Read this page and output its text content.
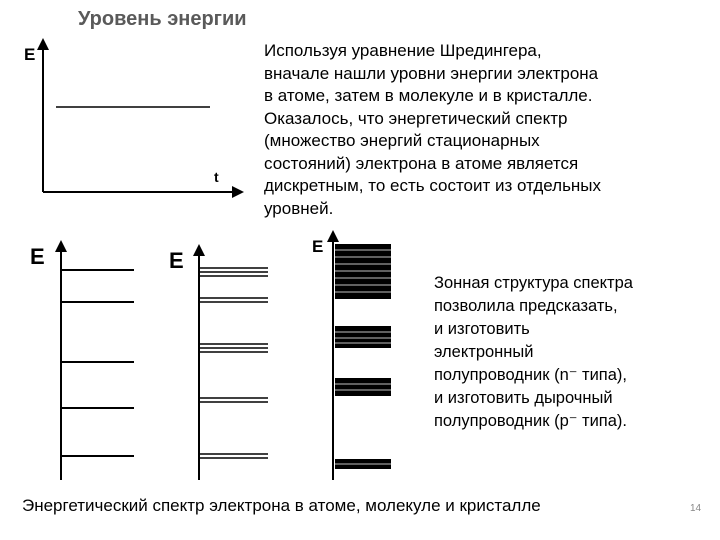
Уровень энергии
Используя уравнение Шредингера,
вначале нашли уровни энергии электрона
в атоме, затем в молекуле и в кристалле.
Оказалось, что энергетический спектр
(множество энергий стационарных
состояний) электрона в атоме является
дискретным, то есть состоит из отдельных
уровней.
Зонная структура спектра
позволила предсказать,
и изготовить
электронный
полупроводник (n⁻ типа),
и изготовить дырочный
полупроводник (p⁻ типа).
Энергетический спектр электрона в атоме, молекуле и кристалле	14
E
t
E	E
E
